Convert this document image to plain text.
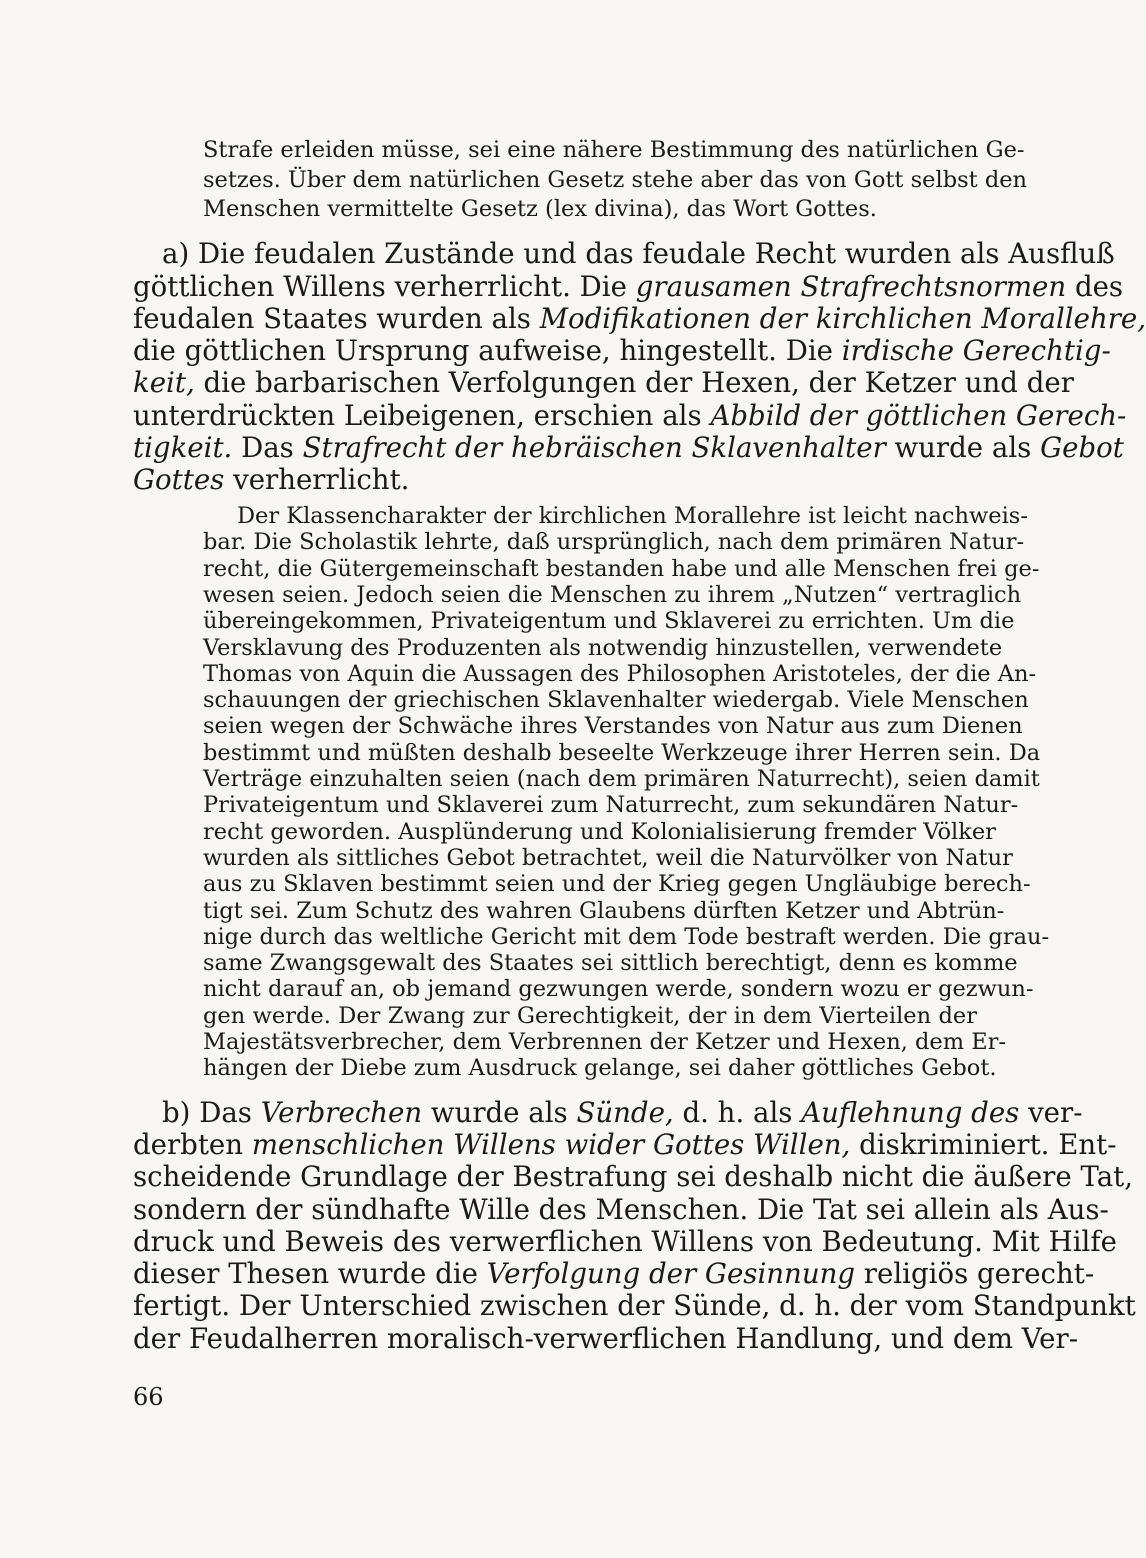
Strafe erleiden müsse, sei eine nähere Bestimmung des natürlichen Ge-
setzes. Über dem natürlichen Gesetz stehe aber das von Gott selbst den
Menschen vermittelte Gesetz (lex divina), das Wort Gottes.
a) Die feudalen Zustände und das feudale Recht wurden als Ausfluß
göttlichen Willens verherrlicht. Die grausamen Strafrechtsnormen des
feudalen Staates wurden als Modifikationen der kirchlichen Morallehre,
die göttlichen Ursprung aufweise, hingestellt. Die irdische Gerechtig-
keit, die barbarischen Verfolgungen der Hexen, der Ketzer und der
unterdrückten Leibeigenen, erschien als Abbild der göttlichen Gerech-
tigkeit. Das Strafrecht der hebräischen Sklavenhalter wurde als Gebot
Gottes verherrlicht.
Der Klassencharakter der kirchlichen Morallehre ist leicht nachweis-
bar. Die Scholastik lehrte, daß ursprünglich, nach dem primären Natur-
recht, die Gütergemeinschaft bestanden habe und alle Menschen frei ge-
wesen seien. Jedoch seien die Menschen zu ihrem „Nutzen“ vertraglich
übereingekommen, Privateigentum und Sklaverei zu errichten. Um die
Versklavung des Produzenten als notwendig hinzustellen, verwendete
Thomas von Aquin die Aussagen des Philosophen Aristoteles, der die An-
schauungen der griechischen Sklavenhalter wiedergab. Viele Menschen
seien wegen der Schwäche ihres Verstandes von Natur aus zum Dienen
bestimmt und müßten deshalb beseelte Werkzeuge ihrer Herren sein. Da
Verträge einzuhalten seien (nach dem primären Naturrecht), seien damit
Privateigentum und Sklaverei zum Naturrecht, zum sekundären Natur-
recht geworden. Ausplünderung und Kolonialisierung fremder Völker
wurden als sittliches Gebot betrachtet, weil die Naturvölker von Natur
aus zu Sklaven bestimmt seien und der Krieg gegen Ungläubige berech-
tigt sei. Zum Schutz des wahren Glaubens dürften Ketzer und Abtrün-
nige durch das weltliche Gericht mit dem Tode bestraft werden. Die grau-
same Zwangsgewalt des Staates sei sittlich berechtigt, denn es komme
nicht darauf an, ob jemand gezwungen werde, sondern wozu er gezwun-
gen werde. Der Zwang zur Gerechtigkeit, der in dem Vierteilen der
Majestätsverbrecher, dem Verbrennen der Ketzer und Hexen, dem Er-
hängen der Diebe zum Ausdruck gelange, sei daher göttliches Gebot.
b) Das Verbrechen wurde als Sünde, d. h. als Auflehnung des ver-
derbten menschlichen Willens wider Gottes Willen, diskriminiert. Ent-
scheidende Grundlage der Bestrafung sei deshalb nicht die äußere Tat,
sondern der sündhafte Wille des Menschen. Die Tat sei allein als Aus-
druck und Beweis des verwerflichen Willens von Bedeutung. Mit Hilfe
dieser Thesen wurde die Verfolgung der Gesinnung religiös gerecht-
fertigt. Der Unterschied zwischen der Sünde, d. h. der vom Standpunkt
der Feudalherren moralisch-verwerflichen Handlung, und dem Ver-
66
